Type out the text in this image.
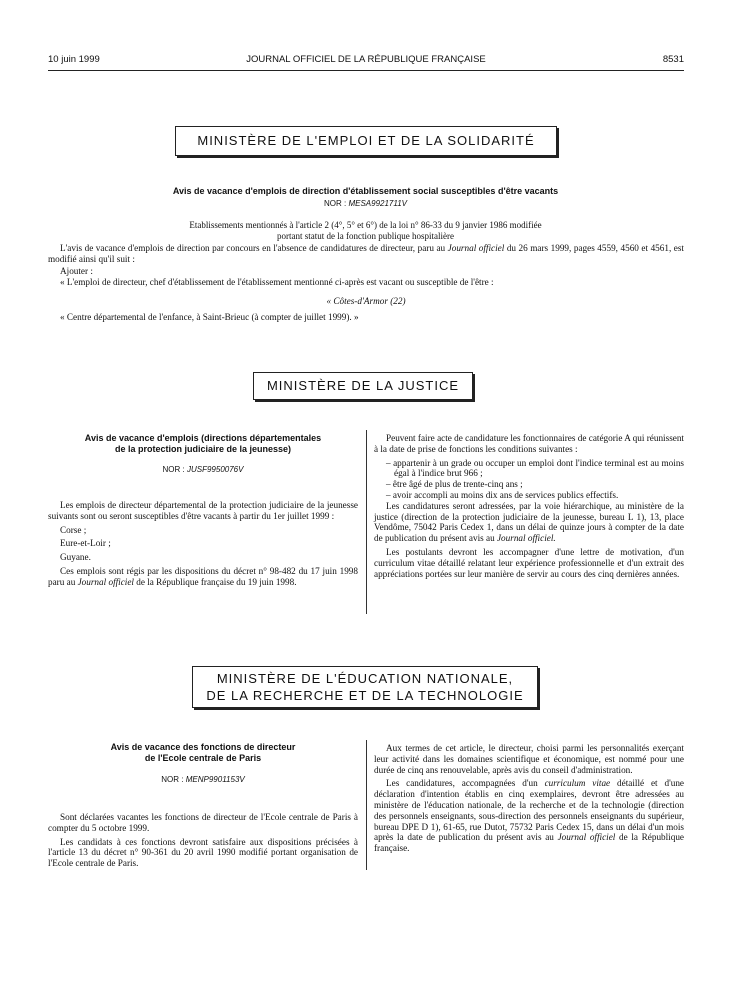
10 juin 1999	JOURNAL OFFICIEL DE LA RÉPUBLIQUE FRANÇAISE	8531
MINISTÈRE DE L'EMPLOI ET DE LA SOLIDARITÉ
Avis de vacance d'emplois de direction d'établissement social susceptibles d'être vacants
NOR : MESA9921711V
Etablissements mentionnés à l'article 2 (4°, 5° et 6°) de la loi n° 86-33 du 9 janvier 1986 modifiée
portant statut de la fonction publique hospitalière

L'avis de vacance d'emplois de direction par concours en l'absence de candidatures de directeur, paru au Journal officiel du 26 mars 1999, pages 4559, 4560 et 4561, est modifié ainsi qu'il suit :

Ajouter :

« L'emploi de directeur, chef d'établissement de l'établissement mentionné ci-après est vacant ou susceptible de l'être :

« Côtes-d'Armor (22)

« Centre départemental de l'enfance, à Saint-Brieuc (à compter de juillet 1999). »

MINISTÈRE DE LA JUSTICE
Avis de vacance d'emplois (directions départementales
de la protection judiciaire de la jeunesse)
NOR : JUSF9950076V

Les emplois de directeur départemental de la protection judiciaire de la jeunesse suivants sont ou seront susceptibles d'être vacants à partir du 1er juillet 1999 :

Corse ;

Eure-et-Loir ;

Guyane.

Ces emplois sont régis par les dispositions du décret n° 98-482 du 17 juin 1998 paru au Journal officiel de la République française du 19 juin 1998.

Peuvent faire acte de candidature les fonctionnaires de catégorie A qui réunissent à la date de prise de fonctions les conditions suivantes :

– appartenir à un grade ou occuper un emploi dont l'indice terminal est au moins égal à l'indice brut 966 ;

– être âgé de plus de trente-cinq ans ;

– avoir accompli au moins dix ans de services publics effectifs.

Les candidatures seront adressées, par la voie hiérarchique, au ministère de la justice (direction de la protection judiciaire de la jeunesse, bureau L 1), 13, place Vendôme, 75042 Paris Cedex 1, dans un délai de quinze jours à compter de la date de publication du présent avis au Journal officiel.

Les postulants devront les accompagner d'une lettre de motivation, d'un curriculum vitae détaillé relatant leur expérience professionnelle et d'un extrait des appréciations portées sur leur manière de servir au cours des cinq dernières années.

MINISTÈRE DE L'ÉDUCATION NATIONALE,
DE LA RECHERCHE ET DE LA TECHNOLOGIE
Avis de vacance des fonctions de directeur
de l'Ecole centrale de Paris
NOR : MENP9901153V

Sont déclarées vacantes les fonctions de directeur de l'Ecole centrale de Paris à compter du 5 octobre 1999.

Les candidats à ces fonctions devront satisfaire aux dispositions précisées à l'article 13 du décret n° 90-361 du 20 avril 1990 modifié portant organisation de l'Ecole centrale de Paris.

Aux termes de cet article, le directeur, choisi parmi les personnalités exerçant leur activité dans les domaines scientifique et économique, est nommé pour une durée de cinq ans renouvelable, après avis du conseil d'administration.

Les candidatures, accompagnées d'un curriculum vitae détaillé et d'une déclaration d'intention établis en cinq exemplaires, devront être adressées au ministère de l'éducation nationale, de la recherche et de la technologie (direction des personnels enseignants, sous-direction des personnels enseignants du supérieur, bureau DPE D 1), 61-65, rue Dutot, 75732 Paris Cedex 15, dans un délai d'un mois après la date de publication du présent avis au Journal officiel de la République française.
